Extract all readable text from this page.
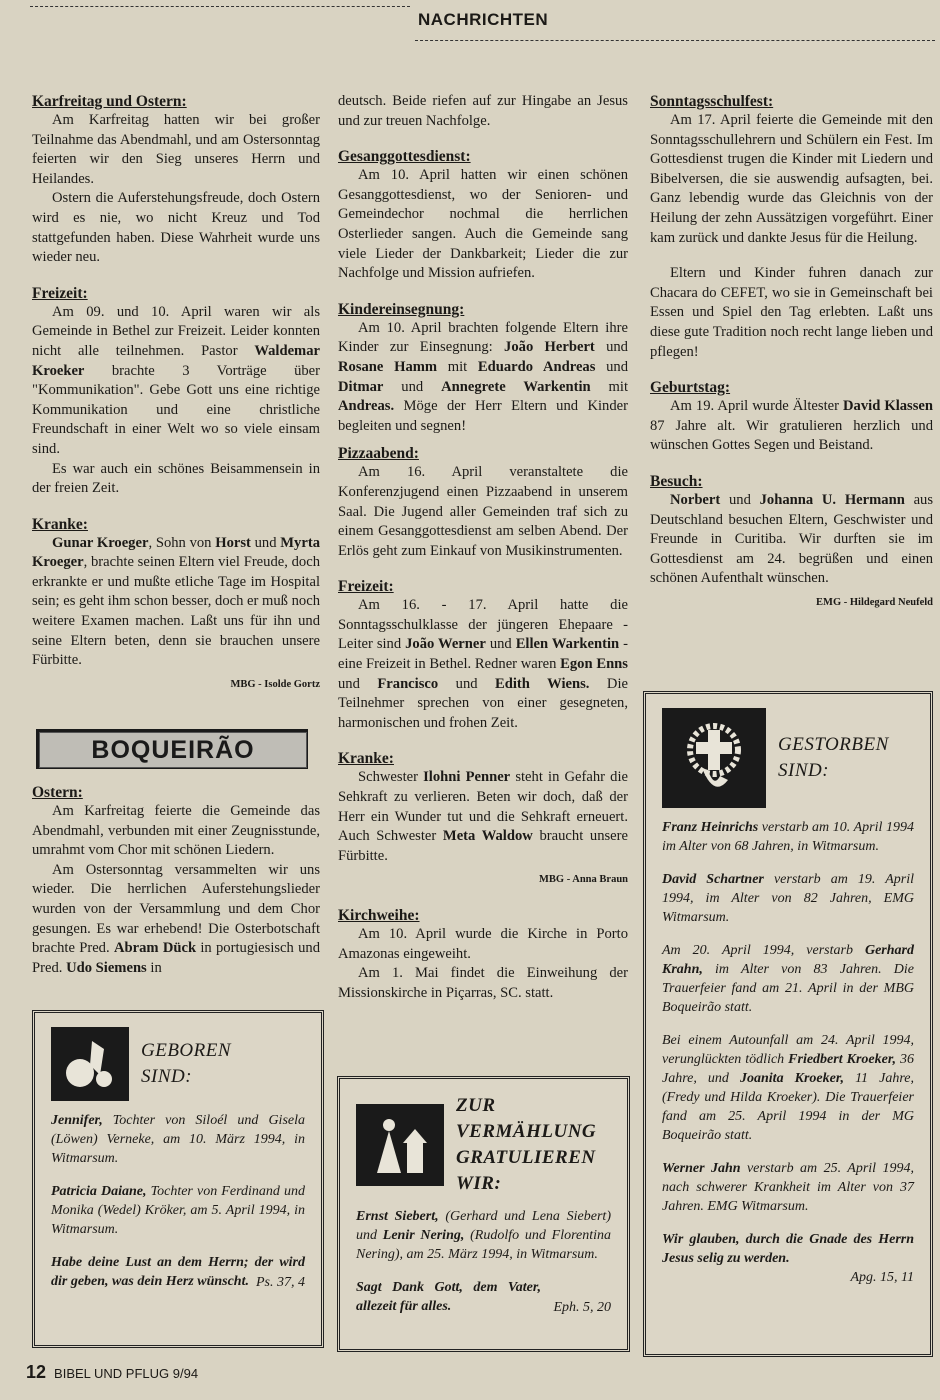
NACHRICHTEN
Karfreitag und Ostern:

Am Karfreitag hatten wir bei großer Teilnahme das Abendmahl, und am Ostersonntag feierten wir den Sieg unseres Herrn und Heilandes.

Ostern die Auferstehungsfreude, doch Ostern wird es nie, wo nicht Kreuz und Tod stattgefunden haben. Diese Wahrheit wurde uns wieder neu.

Freizeit:

Am 09. und 10. April waren wir als Gemeinde in Bethel zur Freizeit. Leider konnten nicht alle teilnehmen. Pastor Waldemar Kroeker brachte 3 Vorträge über "Kommunikation". Gebe Gott uns eine richtige Kommunikation und eine christliche Freundschaft in einer Welt wo so viele einsam sind.

Es war auch ein schönes Beisammensein in der freien Zeit.

Kranke:

Gunar Kroeger, Sohn von Horst und Myrta Kroeger, brachte seinen Eltern viel Freude, doch erkrankte er und mußte etliche Tage im Hospital sein; es geht ihm schon besser, doch er muß noch weitere Examen machen. Laßt uns für ihn und seine Eltern beten, denn sie brauchen unsere Fürbitte.

MBG - Isolde Gortz
BOQUEIRÃO
Ostern:

Am Karfreitag feierte die Gemeinde das Abendmahl, verbunden mit einer Zeugnisstunde, umrahmt vom Chor mit schönen Liedern.

Am Ostersonntag versammelten wir uns wieder. Die herrlichen Auferstehungslieder wurden von der Versammlung und dem Chor gesungen. Es war erhebend! Die Osterbotschaft brachte Pred. Abram Dück in portugiesisch und Pred. Udo Siemens in

deutsch. Beide riefen auf zur Hingabe an Jesus und zur treuen Nachfolge.

Gesanggottesdienst:

Am 10. April hatten wir einen schönen Gesanggottesdienst, wo der Senioren- und Gemeindechor nochmal die herrlichen Osterlieder sangen. Auch die Gemeinde sang viele Lieder der Dankbarkeit; Lieder die zur Nachfolge und Mission aufriefen.

Kindereinsegnung:

Am 10. April brachten folgende Eltern ihre Kinder zur Einsegnung: João Herbert und Rosane Hamm mit Eduardo Andreas und Ditmar und Annegrete Warkentin mit Andreas. Möge der Herr Eltern und Kinder begleiten und segnen!

Pizzaabend:

Am 16. April veranstaltete die Konferenzjugend einen Pizzaabend in unserem Saal. Die Jugend aller Gemeinden traf sich zu einem Gesanggottesdienst am selben Abend. Der Erlös geht zum Einkauf von Musikinstrumenten.

Freizeit:

Am 16. - 17. April hatte die Sonntagsschulklasse der jüngeren Ehepaare - Leiter sind João Werner und Ellen Warkentin - eine Freizeit in Bethel. Redner waren Egon Enns und Francisco und Edith Wiens. Die Teilnehmer sprechen von einer gesegneten, harmonischen und frohen Zeit.

Kranke:

Schwester Ilohni Penner steht in Gefahr die Sehkraft zu verlieren. Beten wir doch, daß der Herr ein Wunder tut und die Sehkraft erneuert. Auch Schwester Meta Waldow braucht unsere Fürbitte.

MBG - Anna Braun
Kirchweihe:

Am 10. April wurde die Kirche in Porto Amazonas eingeweiht.

Am 1. Mai findet die Einweihung der Missionskirche in Piçarras, SC. statt.

Sonntagsschulfest:

Am 17. April feierte die Gemeinde mit den Sonntagsschullehrern und Schülern ein Fest. Im Gottesdienst trugen die Kinder mit Liedern und Bibelversen, die sie auswendig aufsagten, bei. Ganz lebendig wurde das Gleichnis von der Heilung der zehn Aussätzigen vorgeführt. Einer kam zurück und dankte Jesus für die Heilung.

Eltern und Kinder fuhren danach zur Chacara do CEFET, wo sie in Gemeinschaft bei Essen und Spiel den Tag erlebten. Laßt uns diese gute Tradition noch recht lange lieben und pflegen!

Geburtstag:

Am 19. April wurde Ältester David Klassen 87 Jahre alt. Wir gratulieren herzlich und wünschen Gottes Segen und Beistand.

Besuch:

Norbert und Johanna U. Hermann aus Deutschland besuchen Eltern, Geschwister und Freunde in Curitiba. Wir durften sie im Gottesdienst am 24. begrüßen und einen schönen Aufenthalt wünschen.

EMG - Hildegard Neufeld
GEBOREN
SIND:

Jennifer, Tochter von Siloél und Gisela (Löwen) Verneke, am 10. März 1994, in Witmarsum.

Patricia Daiane, Tochter von Ferdinand und Monika (Wedel) Kröker, am 5. April 1994, in Witmarsum.

Habe deine Lust an dem Herrn; der wird dir geben, was dein Herz wünscht. Ps. 37, 4
ZUR
VERMÄHLUNG
GRATULIEREN
WIR:

Ernst Siebert, (Gerhard und Lena Siebert) und Lenir Nering, (Rudolfo und Florentina Nering), am 25. März 1994, in Witmarsum.

Sagt Dank Gott, dem Vater, allezeit für alles.	Eph. 5, 20
GESTORBEN
SIND:

Franz Heinrichs verstarb am 10. April 1994 im Alter von 68 Jahren, in Witmarsum.

David Schartner verstarb am 19. April 1994, im Alter von 82 Jahren, EMG Witmarsum.

Am 20. April 1994, verstarb Gerhard Krahn, im Alter von 83 Jahren. Die Trauerfeier fand am 21. April in der MBG Boqueirão statt.

Bei einem Autounfall am 24. April 1994, verunglückten tödlich Friedbert Kroeker, 36 Jahre, und Joanita Kroeker, 11 Jahre, (Fredy und Hilda Kroeker). Die Trauerfeier fand am 25. April 1994 in der MG Boqueirão statt.

Werner Jahn verstarb am 25. April 1994, nach schwerer Krankheit im Alter von 37 Jahren. EMG Witmarsum.

Wir glauben, durch die Gnade des Herrn Jesus selig zu werden.

Apg. 15, 11
12 BIBEL UND PFLUG 9/94
